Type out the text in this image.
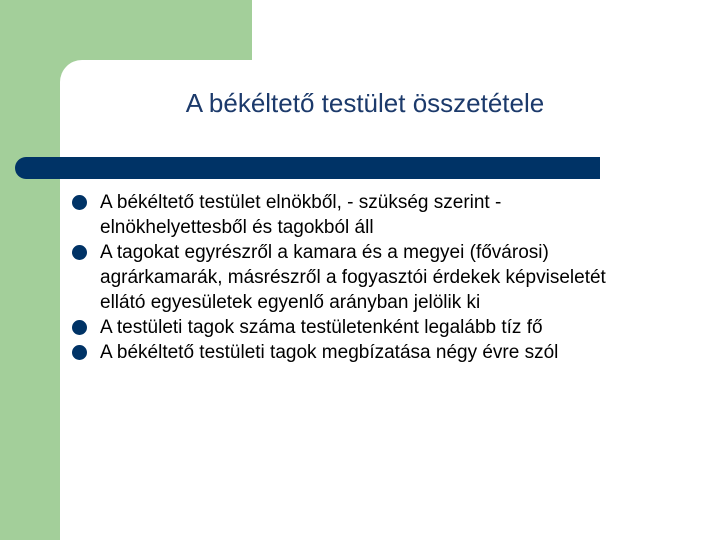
A békéltető testület összetétele
A békéltető testület elnökből, - szükség szerint - elnökhelyettesből és tagokból áll
A tagokat egyrészről a kamara és a megyei (fővárosi) agrárkamarák, másrészről a fogyasztói érdekek képviseletét ellátó egyesületek egyenlő arányban jelölik ki
A testületi tagok száma testületenként legalább tíz fő
A békéltető testületi tagok megbízatása négy évre szól
